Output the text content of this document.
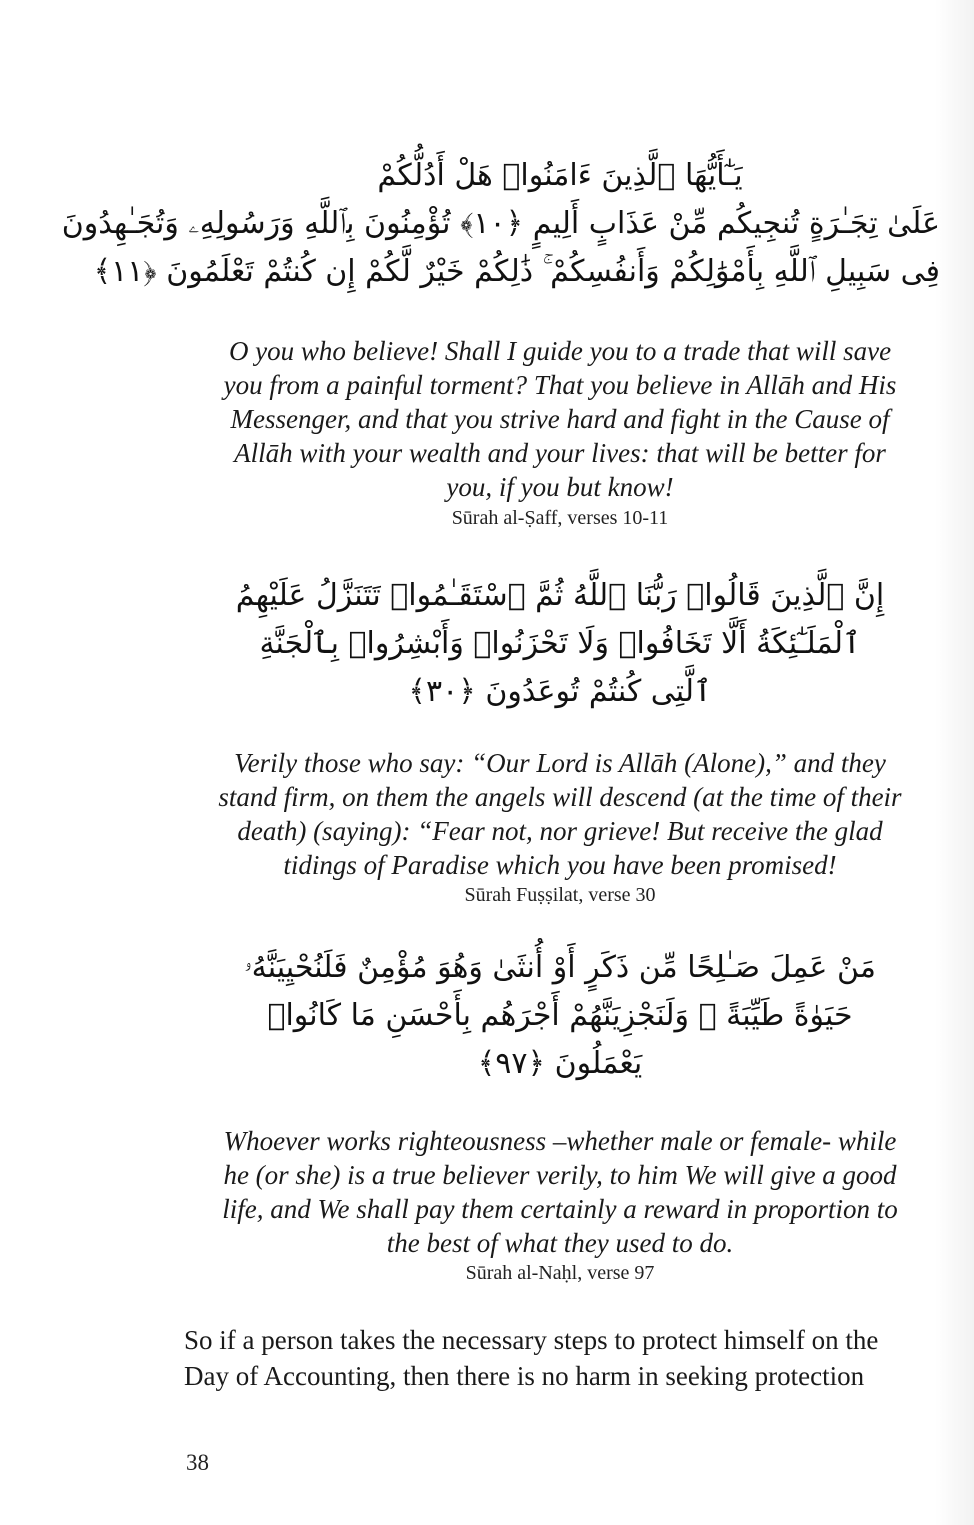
يَـٰٓأَيُّهَا ٱلَّذِينَ ءَامَنُوا۟ هَلْ أَدُلُّكُمْ
عَلَىٰ تِجَـٰرَةٍ تُنجِيكُم مِّنْ عَذَابٍ أَلِيمٍ ﴿١٠﴾ تُؤْمِنُونَ بِٱللَّهِ وَرَسُولِهِۦ وَتُجَـٰهِدُونَ
فِى سَبِيلِ ٱللَّهِ بِأَمْوَٰلِكُمْ وَأَنفُسِكُمْ ۚ ذَٰلِكُمْ خَيْرٌ لَّكُمْ إِن كُنتُمْ تَعْلَمُونَ ﴿١١﴾
O you who believe! Shall I guide you to a trade that will save
you from a painful torment? That you believe in Allāh and His
Messenger, and that you strive hard and fight in the Cause of
Allāh with your wealth and your lives: that will be better for
you, if you but know!
Sūrah al-Ṣaff, verses 10-11
إِنَّ ٱلَّذِينَ قَالُوا۟ رَبُّنَا ٱللَّهُ ثُمَّ ٱسْتَقَـٰمُوا۟ تَتَنَزَّلُ عَلَيْهِمُ
ٱلْمَلَـٰٓئِكَةُ أَلَّا تَخَافُوا۟ وَلَا تَحْزَنُوا۟ وَأَبْشِرُوا۟ بِٱلْجَنَّةِ
ٱلَّتِى كُنتُمْ تُوعَدُونَ ﴿٣٠﴾
Verily those who say: “Our Lord is Allāh (Alone),” and they
stand firm, on them the angels will descend (at the time of their
death) (saying): “Fear not, nor grieve! But receive the glad
tidings of Paradise which you have been promised!
Sūrah Fuṣṣilat, verse 30
مَنْ عَمِلَ صَـٰلِحًا مِّن ذَكَرٍ أَوْ أُنثَىٰ وَهُوَ مُؤْمِنٌ فَلَنُحْيِيَنَّهُۥ
حَيَوٰةً طَيِّبَةً ۖ وَلَنَجْزِيَنَّهُمْ أَجْرَهُم بِأَحْسَنِ مَا كَانُوا۟
يَعْمَلُونَ ﴿٩٧﴾
Whoever works righteousness –whether male or female- while
he (or she) is a true believer verily, to him We will give a good
life, and We shall pay them certainly a reward in proportion to
the best of what they used to do.
Sūrah al-Naḥl, verse 97
So if a person takes the necessary steps to protect himself on the
Day of Accounting, then there is no harm in seeking protection
38
